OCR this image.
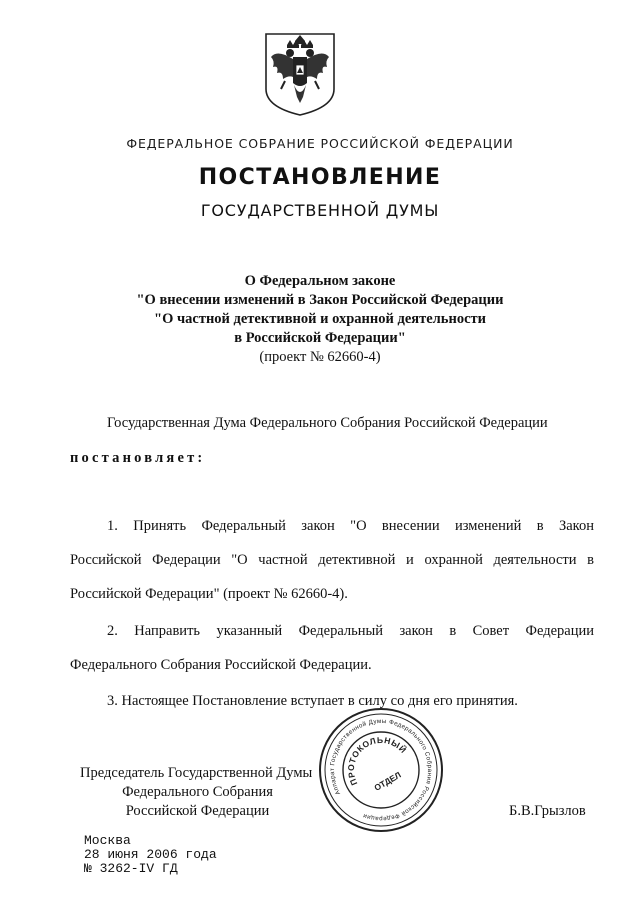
ФЕДЕРАЛЬНОЕ СОБРАНИЕ РОССИЙСКОЙ ФЕДЕРАЦИИ
ПОСТАНОВЛЕНИЕ
ГОСУДАРСТВЕННОЙ ДУМЫ
О Федеральном законе
"О внесении изменений в Закон Российской Федерации
"О частной детективной и охранной деятельности
в Российской Федерации"
(проект № 62660-4)
Государственная Дума Федерального Собрания Российской Федерации
постановляет:
1. Принять Федеральный закон "О внесении изменений в Закон
Российской Федерации "О частной детективной и охранной деятельности в
Российской Федерации" (проект № 62660-4).
2. Направить указанный Федеральный закон в Совет Федерации
Федерального Собрания Российской Федерации.
3. Настоящее Постановление вступает в силу со дня его принятия.
Председатель Государственной Думы
Федерального Собрания
Российской Федерации	Б.В.Грызлов
Аппарат Государственной Думы Федерального Собрания Российской Федерации
ПРОТОКОЛЬНЫЙ
ОТДЕЛ
Москва
28 июня 2006 года
№ 3262-IV ГД
